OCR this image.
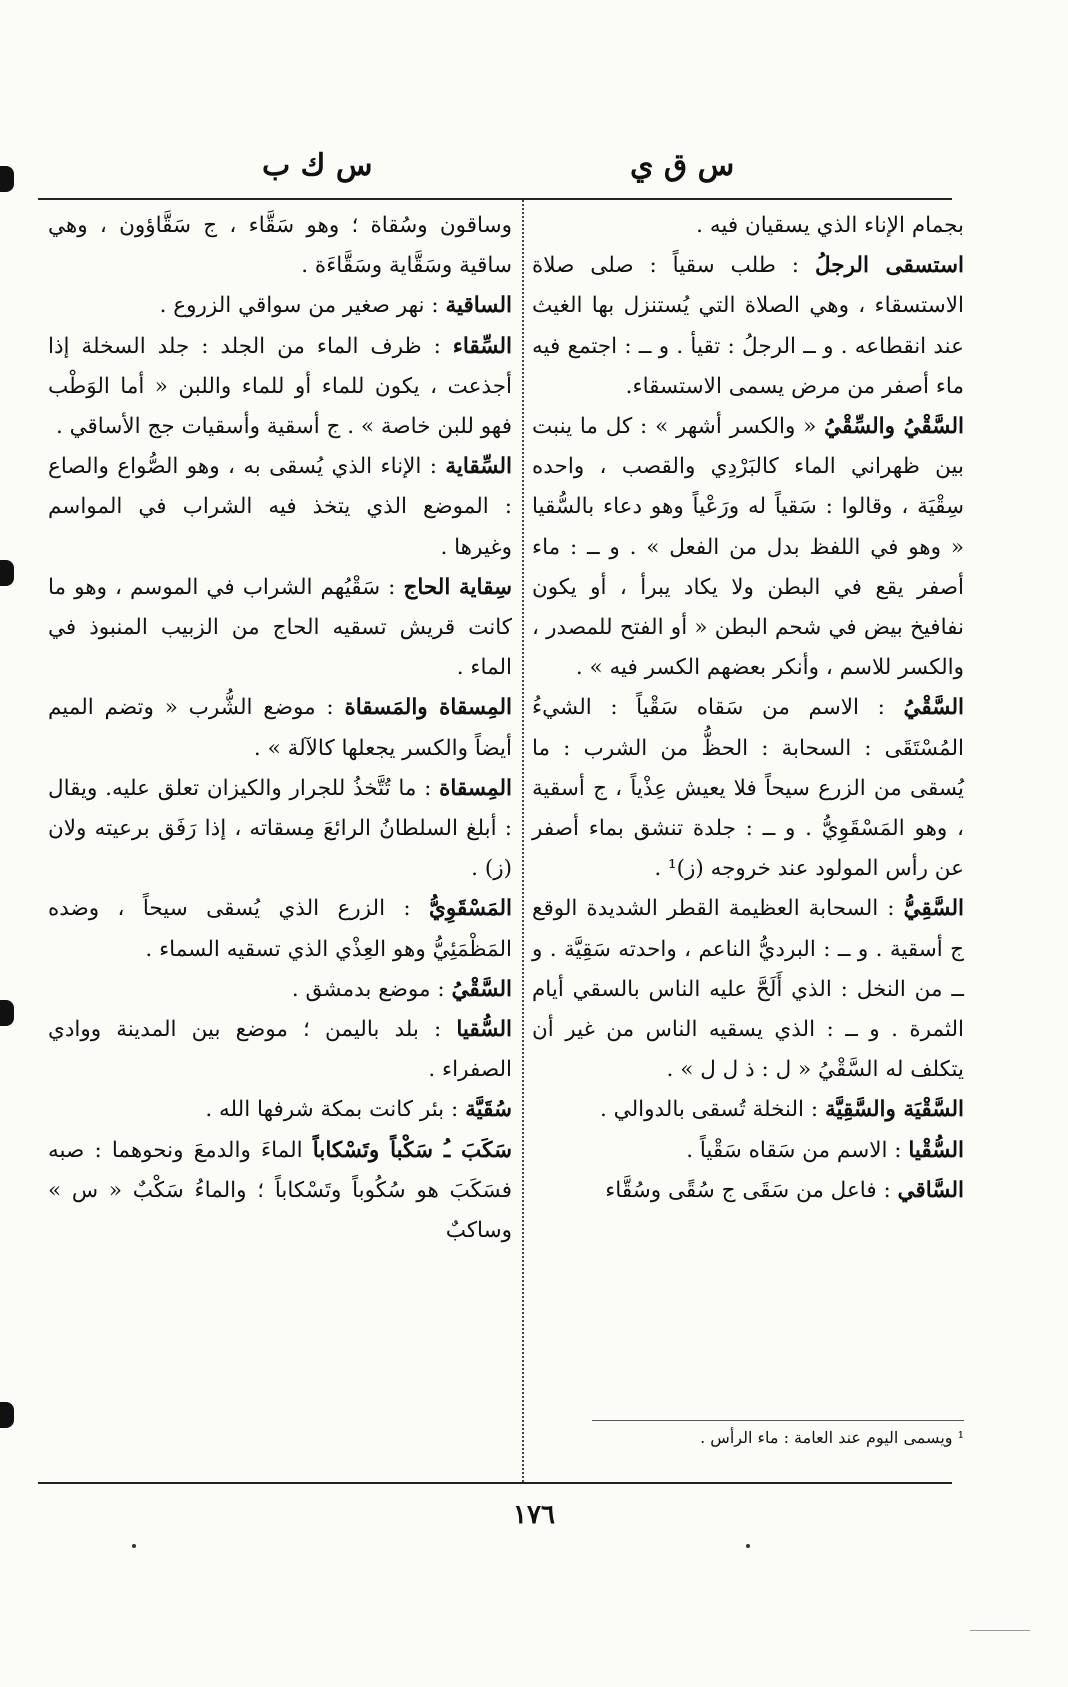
س ق ي
س ك ب

بجمام الإناء الذي يسقيان فيه .

استسقى الرجلُ : طلب سقياً : صلى صلاة الاستسقاء ، وهي الصلاة التي يُستنزل بها الغيث عند انقطاعه . و ــ الرجلُ : تقيأ . و ــ : اجتمع فيه ماء أصفر من مرض يسمى الاستسقاء.

السَّقْيُ والسِّقْيُ « والكسر أشهر » : كل ما ينبت بين ظهراني الماء كالبَرْدِي والقصب ، واحده سِقْيَة ، وقالوا : سَقياً له ورَعْياً وهو دعاء بالسُّقيا « وهو في اللفظ بدل من الفعل » . و ــ : ماء أصفر يقع في البطن ولا يكاد يبرأ ، أو يكون نفافيخ بيض في شحم البطن « أو الفتح للمصدر ، والكسر للاسم ، وأنكر بعضهم الكسر فيه » .

السَّقْيُ : الاسم من سَقاه سَقْياً : الشيءُ المُسْتَقَى : السحابة : الحظُّ من الشرب : ما يُسقى من الزرع سيحاً فلا يعيش عِذْياً ، ج أسقية ، وهو المَسْقَوِيُّ . و ــ : جلدة تنشق بماء أصفر عن رأس المولود عند خروجه (ز)¹ .

السَّقِيُّ : السحابة العظيمة القطر الشديدة الوقع ج أسقية . و ــ : البرديُّ الناعم ، واحدته سَقِيَّة . و ــ من النخل : الذي أَلَحَّ عليه الناس بالسقي أيام الثمرة . و ــ : الذي يسقيه الناس من غير أن يتكلف له السَّقْيُ « ل : ذ ل ل » .

السَّقْيَة والسَّقِيَّة : النخلة تُسقى بالدوالي .

السُّقْيا : الاسم من سَقاه سَقْياً .

السَّاقي : فاعل من سَقَى ج سُقًى وسُقَّاء

وساقون وسُقاة ؛ وهو سَقَّاء ، ج سَقَّاؤون ، وهي ساقية وسَقَّاية وسَقَّاءَة .

الساقية : نهر صغير من سواقي الزروع .

السِّقاء : ظرف الماء من الجلد : جلد السخلة إذا أجذعت ، يكون للماء أو للماء واللبن « أما الوَطْب فهو للبن خاصة » . ج أسقية وأسقيات جج الأساقي .

السِّقاية : الإناء الذي يُسقى به ، وهو الصُّواع والصاع : الموضع الذي يتخذ فيه الشراب في المواسم وغيرها .

سِقاية الحاج : سَقْيُهم الشراب في الموسم ، وهو ما كانت قريش تسقيه الحاج من الزبيب المنبوذ في الماء .

المِسقاة والمَسقاة : موضع الشُّرب « وتضم الميم أيضاً والكسر يجعلها كالآلة » .

المِسقاة : ما تُتَّخذُ للجرار والكيزان تعلق عليه. ويقال : أبلغ السلطانُ الرائعَ مِسقاته ، إذا رَفَق برعيته ولان (ز) .

المَسْقَوِيُّ : الزرع الذي يُسقى سيحاً ، وضده المَظْمَئِيُّ وهو العِذْي الذي تسقيه السماء .

السَّقْيُ : موضع بدمشق .

السُّقيا : بلد باليمن ؛ موضع بين المدينة ووادي الصفراء .

سُقَيَّة : بئر كانت بمكة شرفها الله .

سَكَبَ ـُ سَكْباً وتَسْكاباً الماءَ والدمعَ ونحوهما : صبه فسَكَبَ هو سُكُوباً وتَسْكاباً ؛ والماءُ سَكْبٌ « س » وساكبٌ

¹ ويسمى اليوم عند العامة : ماء الرأس .
١٧٦
